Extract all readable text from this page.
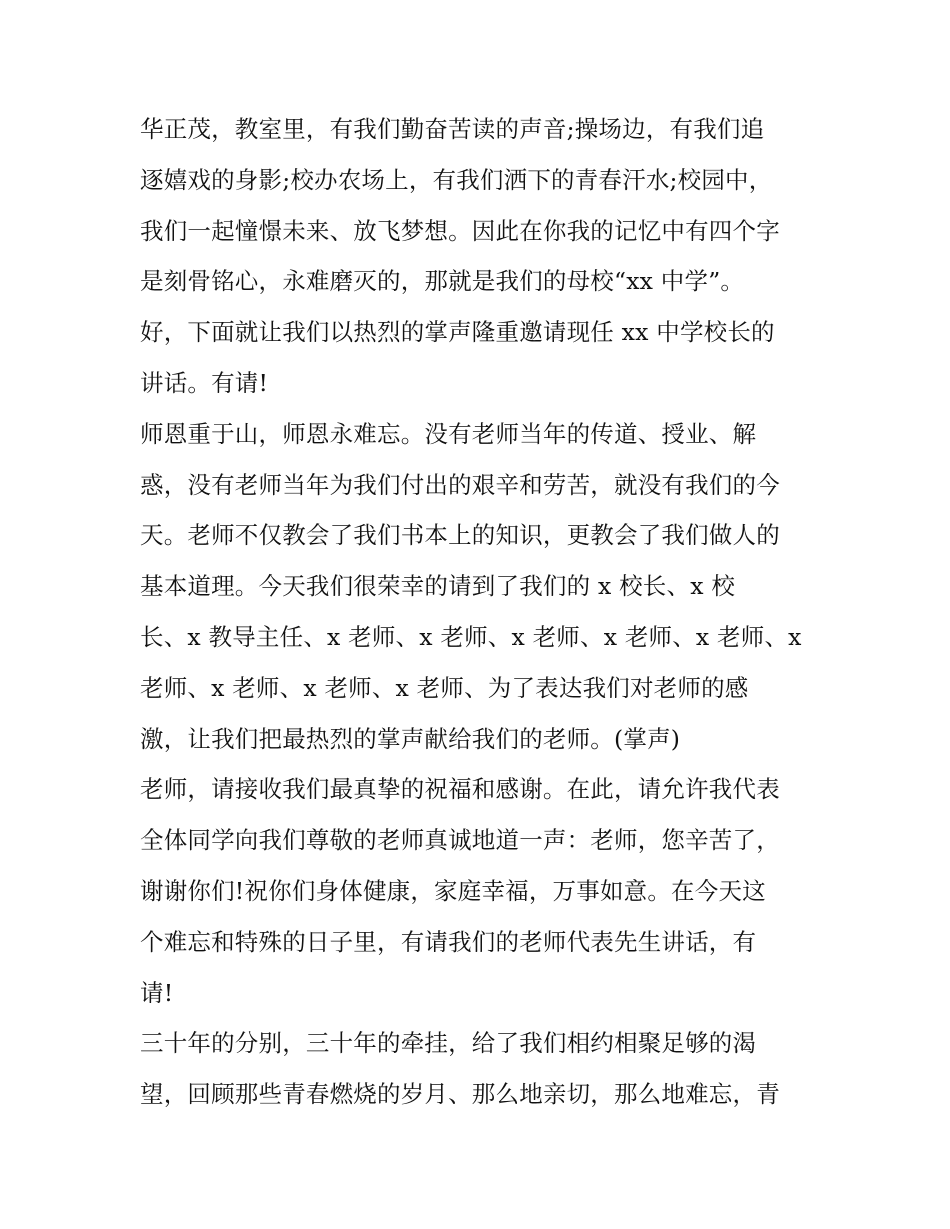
华正茂，教室里，有我们勤奋苦读的声音;操场边，有我们追
逐嬉戏的身影;校办农场上，有我们洒下的青春汗水;校园中，
我们一起憧憬未来、放飞梦想。因此在你我的记忆中有四个字
是刻骨铭心，永难磨灭的，那就是我们的母校“xx 中学”。
好，下面就让我们以热烈的掌声隆重邀请现任 xx 中学校长的
讲话。有请!
师恩重于山，师恩永难忘。没有老师当年的传道、授业、解
惑，没有老师当年为我们付出的艰辛和劳苦，就没有我们的今
天。老师不仅教会了我们书本上的知识，更教会了我们做人的
基本道理。今天我们很荣幸的请到了我们的 x 校长、x 校
长、x 教导主任、x 老师、x 老师、x 老师、x 老师、x 老师、x
老师、x 老师、x 老师、x 老师、为了表达我们对老师的感
激，让我们把最热烈的掌声献给我们的老师。(掌声)
老师，请接收我们最真挚的祝福和感谢。在此，请允许我代表
全体同学向我们尊敬的老师真诚地道一声：老师，您辛苦了，
谢谢你们!祝你们身体健康，家庭幸福，万事如意。在今天这
个难忘和特殊的日子里，有请我们的老师代表先生讲话，有
请!
三十年的分别，三十年的牵挂，给了我们相约相聚足够的渴
望，回顾那些青春燃烧的岁月、那么地亲切，那么地难忘，青
